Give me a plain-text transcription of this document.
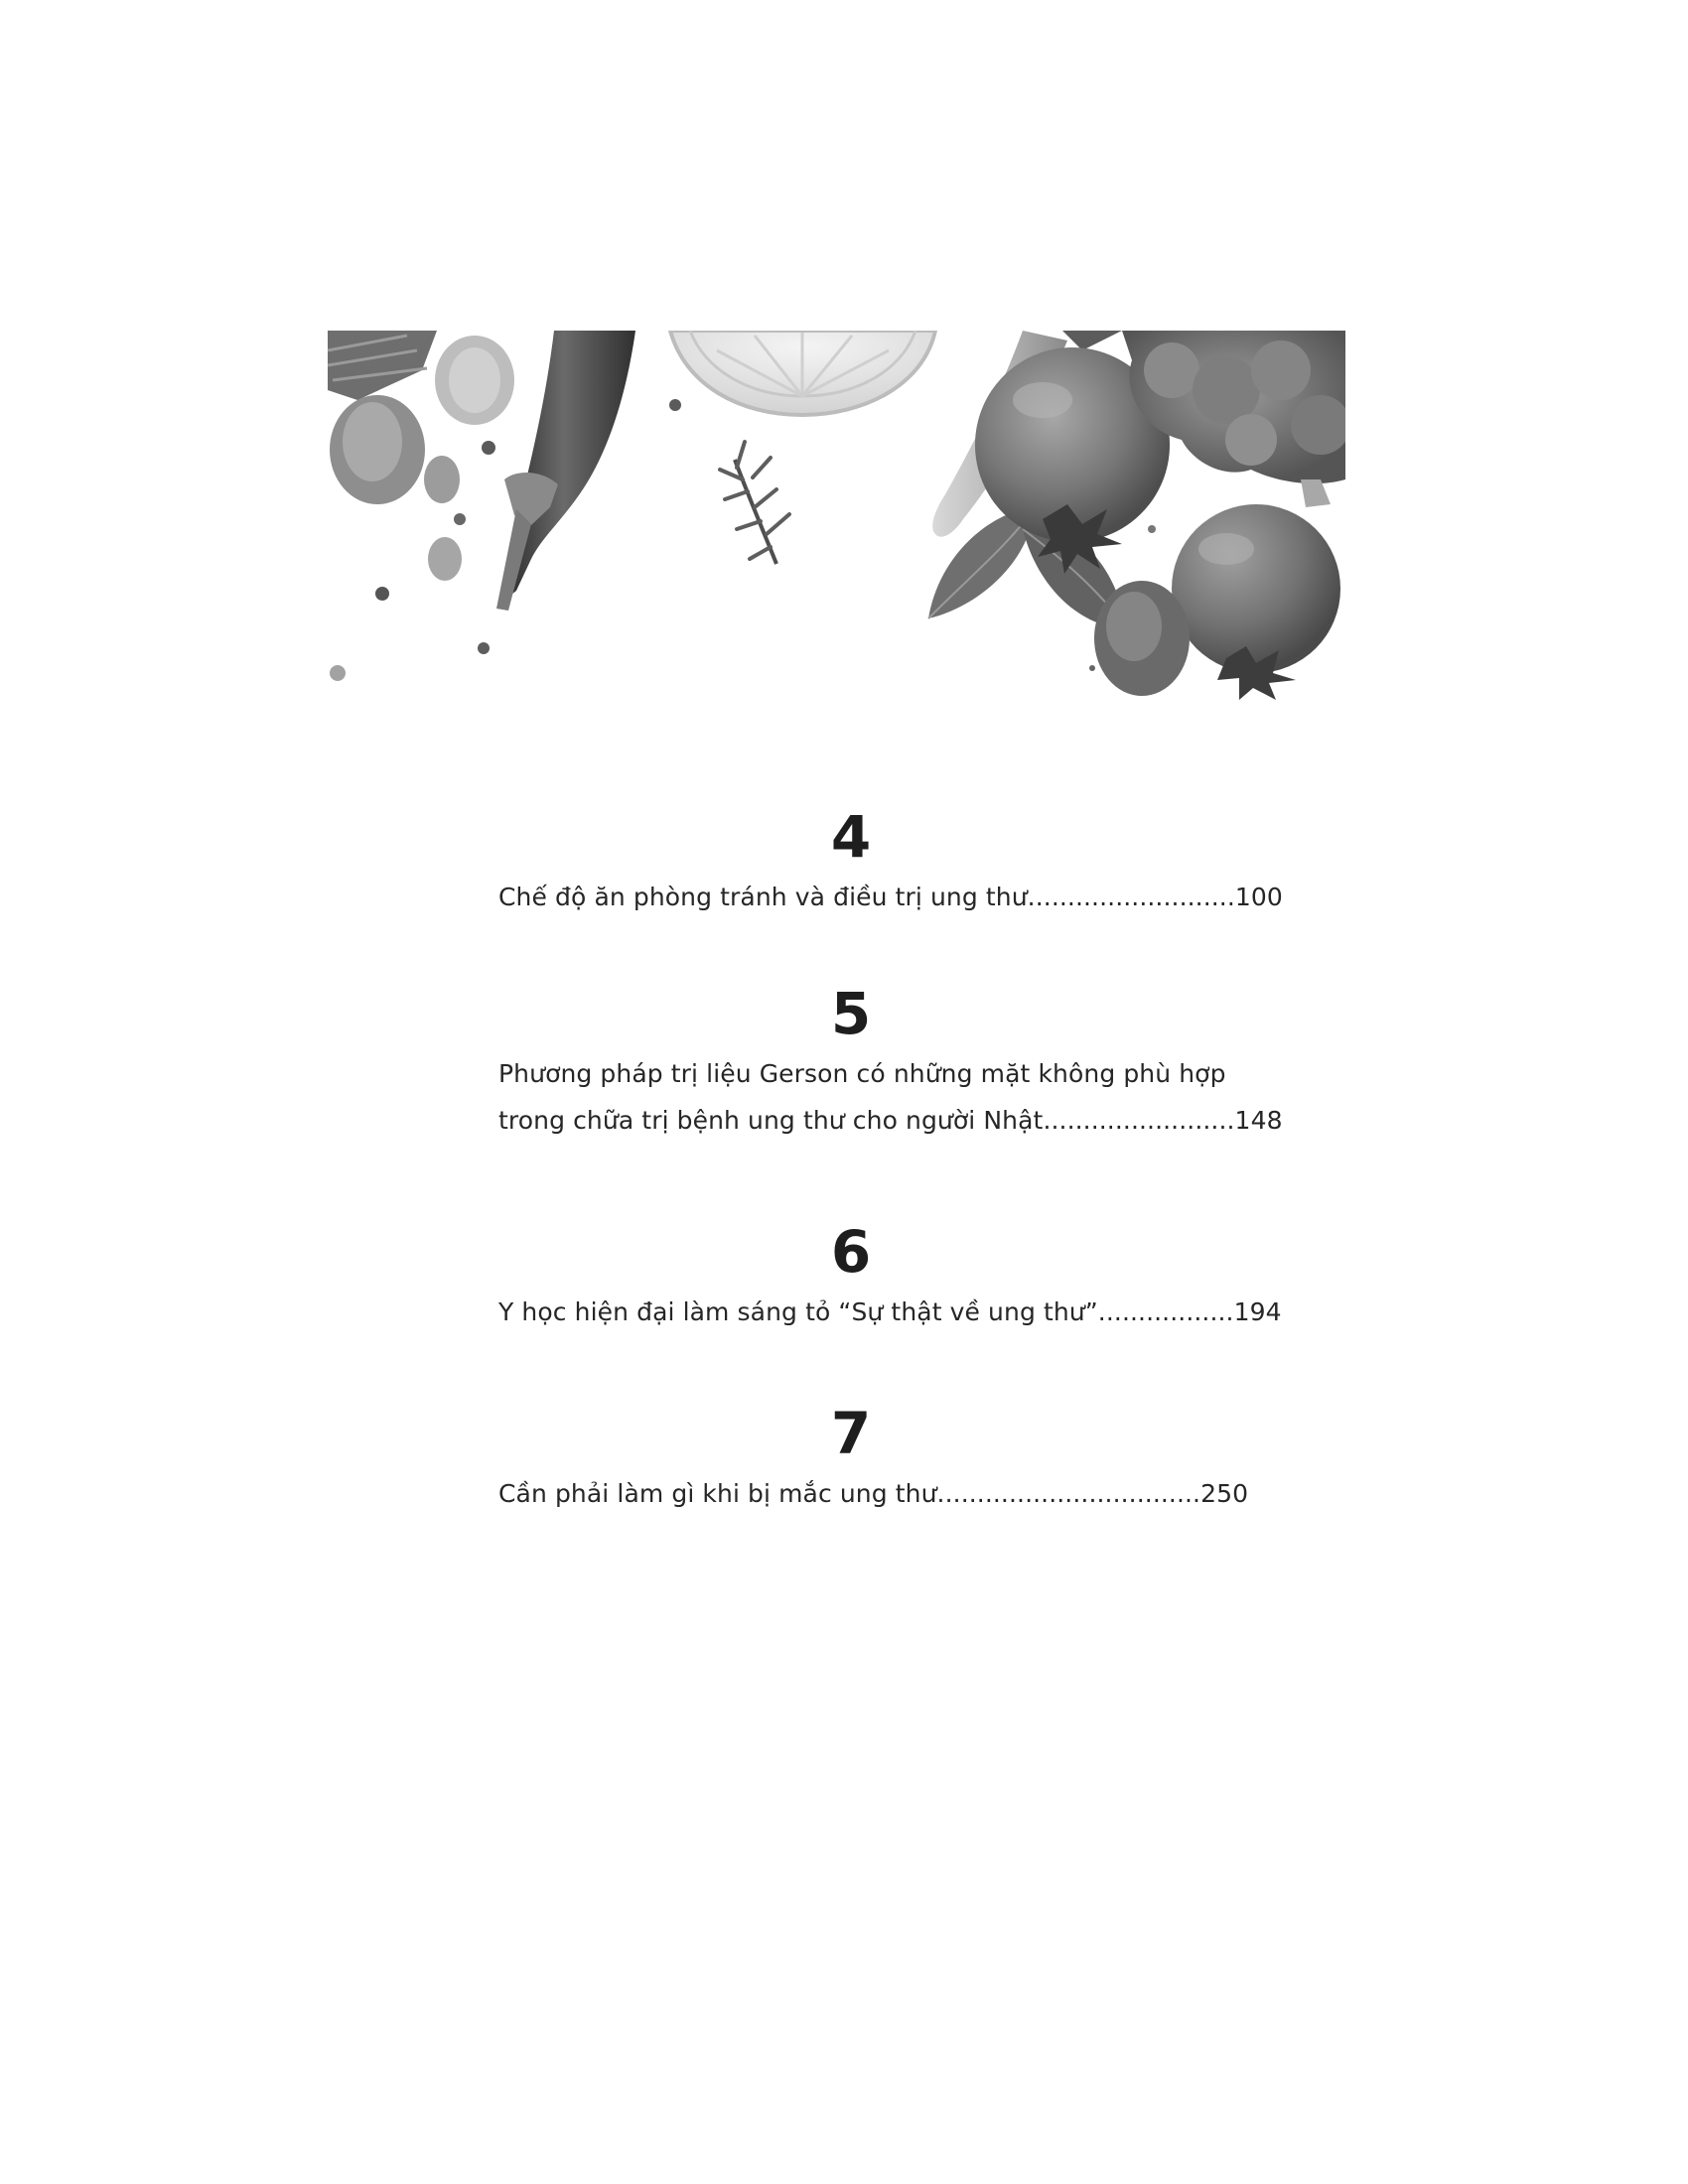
4
Chế độ ăn phòng tránh và điều trị ung thư..........................100
5
Phương pháp trị liệu Gerson có những mặt không phù hợp
trong chữa trị bệnh ung thư cho người Nhật........................148
6
Y học hiện đại làm sáng tỏ “Sự thật về ung thư”.................194
7
Cần phải làm gì khi bị mắc ung thư.................................250
